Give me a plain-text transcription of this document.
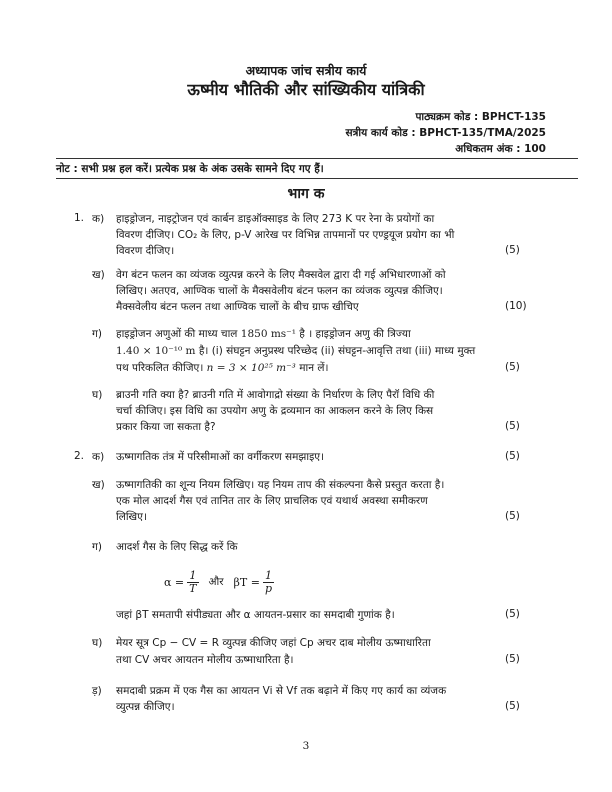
अध्यापक जांच सत्रीय कार्य
ऊष्मीय भौतिकी और सांख्यिकीय यांत्रिकी
पाठ्यक्रम कोड : BPHCT-135
सत्रीय कार्य कोड : BPHCT-135/TMA/2025
अधिकतम अंक : 100
नोट : सभी प्रश्न हल करें। प्रत्येक प्रश्न के अंक उसके सामने दिए गए हैं।
भाग क
1. क) हाइड्रोजन, नाइट्रोजन एवं कार्बन डाइऑक्साइड के लिए 273 K पर रेना के प्रयोगों का
विवरण दीजिए। CO₂ के लिए, p-V आरेख पर विभिन्न तापमानों पर एण्ड्रयूज प्रयोग का भी
विवरण दीजिए।	(5)
ख) वेग बंटन फलन का व्यंजक व्युत्पन्न करने के लिए मैक्सवेल द्वारा दी गई अभिधारणाओं को
लिखिए। अतएव, आण्विक चालों के मैक्सवेलीय बंटन फलन का व्यंजक व्युत्पन्न कीजिए।
मैक्सवेलीय बंटन फलन तथा आण्विक चालों के बीच ग्राफ खीचिए	(10)
ग) हाइड्रोजन अणुओं की माध्य चाल 1850 ms⁻¹ है । हाइड्रोजन अणु की त्रिज्या
1.40 × 10⁻¹⁰ m है। (i) संघट्टन अनुप्रस्थ परिच्छेद (ii) संघट्टन-आवृत्ति तथा (iii) माध्य मुक्त
पथ परिकलित कीजिए। n = 3 × 10²⁵ m⁻³ मान लें।	(5)
घ) ब्राउनी गति क्या है? ब्राउनी गति में आवोगाद्रो संख्या के निर्धारण के लिए पैरॉ विधि की
चर्चा कीजिए। इस विधि का उपयोग अणु के द्रव्यमान का आकलन करने के लिए किस
प्रकार किया जा सकता है?	(5)
2. क) ऊष्मागतिक तंत्र में परिसीमाओं का वर्गीकरण समझाइए।	(5)
ख) ऊष्मागतिकी का शून्य नियम लिखिए। यह नियम ताप की संकल्पना कैसे प्रस्तुत करता है।
एक मोल आदर्श गैस एवं तानित तार के लिए प्राचलिक एवं यथार्थ अवस्था समीकरण
लिखिए।	(5)
ग) आदर्श गैस के लिए सिद्ध करें कि
$\alpha = \frac{1}{T}$ और $\beta T = \frac{1}{p}$
जहां βT समतापी संपीड्यता और α आयतन-प्रसार का समदाबी गुणांक है।	(5)
घ) मेयर सूत्र Cp − CV = R व्युत्पन्न कीजिए जहां Cp अचर दाब मोलीय ऊष्माधारिता
तथा CV अचर आयतन मोलीय ऊष्माधारिता है।	(5)
ड़) समदाबी प्रक्रम में एक गैस का आयतन Vi से Vf तक बढ़ाने में किए गए कार्य का व्यंजक
व्युत्पन्न कीजिए।	(5)
3
